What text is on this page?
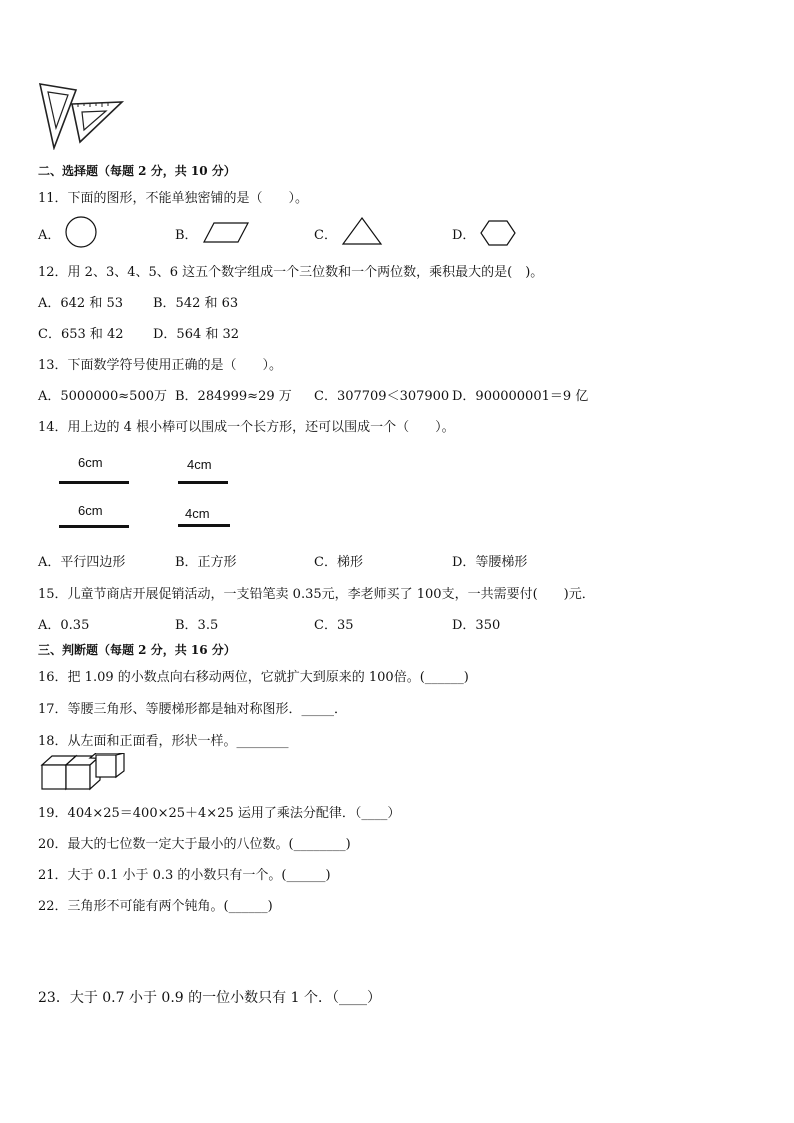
二、选择题（每题 2 分，共 10 分）
11．下面的图形，不能单独密铺的是（　　）。
A．	B．	C．	D．
12．用 2、3、4、5、6 这五个数字组成一个三位数和一个两位数，乘积最大的是(　)。
A．642 和 53 B．542 和 63
C．653 和 42 D．564 和 32
13．下面数学符号使用正确的是（　　）。
A．5000000≈500万 B．284999≈29 万 C．307709＜307900 D．900000001＝9 亿
14．用上边的 4 根小棒可以围成一个长方形，还可以围成一个（　　）。
6cm
6cm
4cm
4cm
A．平行四边形	B．正方形	C．梯形	D．等腰梯形
15．儿童节商店开展促销活动，一支铅笔卖 0.35元，李老师买了 100支，一共需要付(　　)元．
A．0.35	B．3.5	C．35	D．350
三、判断题（每题 2 分，共 16 分）
16．把 1.09 的小数点向右移动两位，它就扩大到原来的 100倍。(______)
17．等腰三角形、等腰梯形都是轴对称图形．_____．
18．从左面和正面看，形状一样。________
19．404×25＝400×25＋4×25 运用了乘法分配律．（____）
20．最大的七位数一定大于最小的八位数。(________)
21．大于 0.1 小于 0.3 的小数只有一个。(______)
22．三角形不可能有两个钝角。(______)
23．大于 0.7 小于 0.9 的一位小数只有 1 个．（____）
